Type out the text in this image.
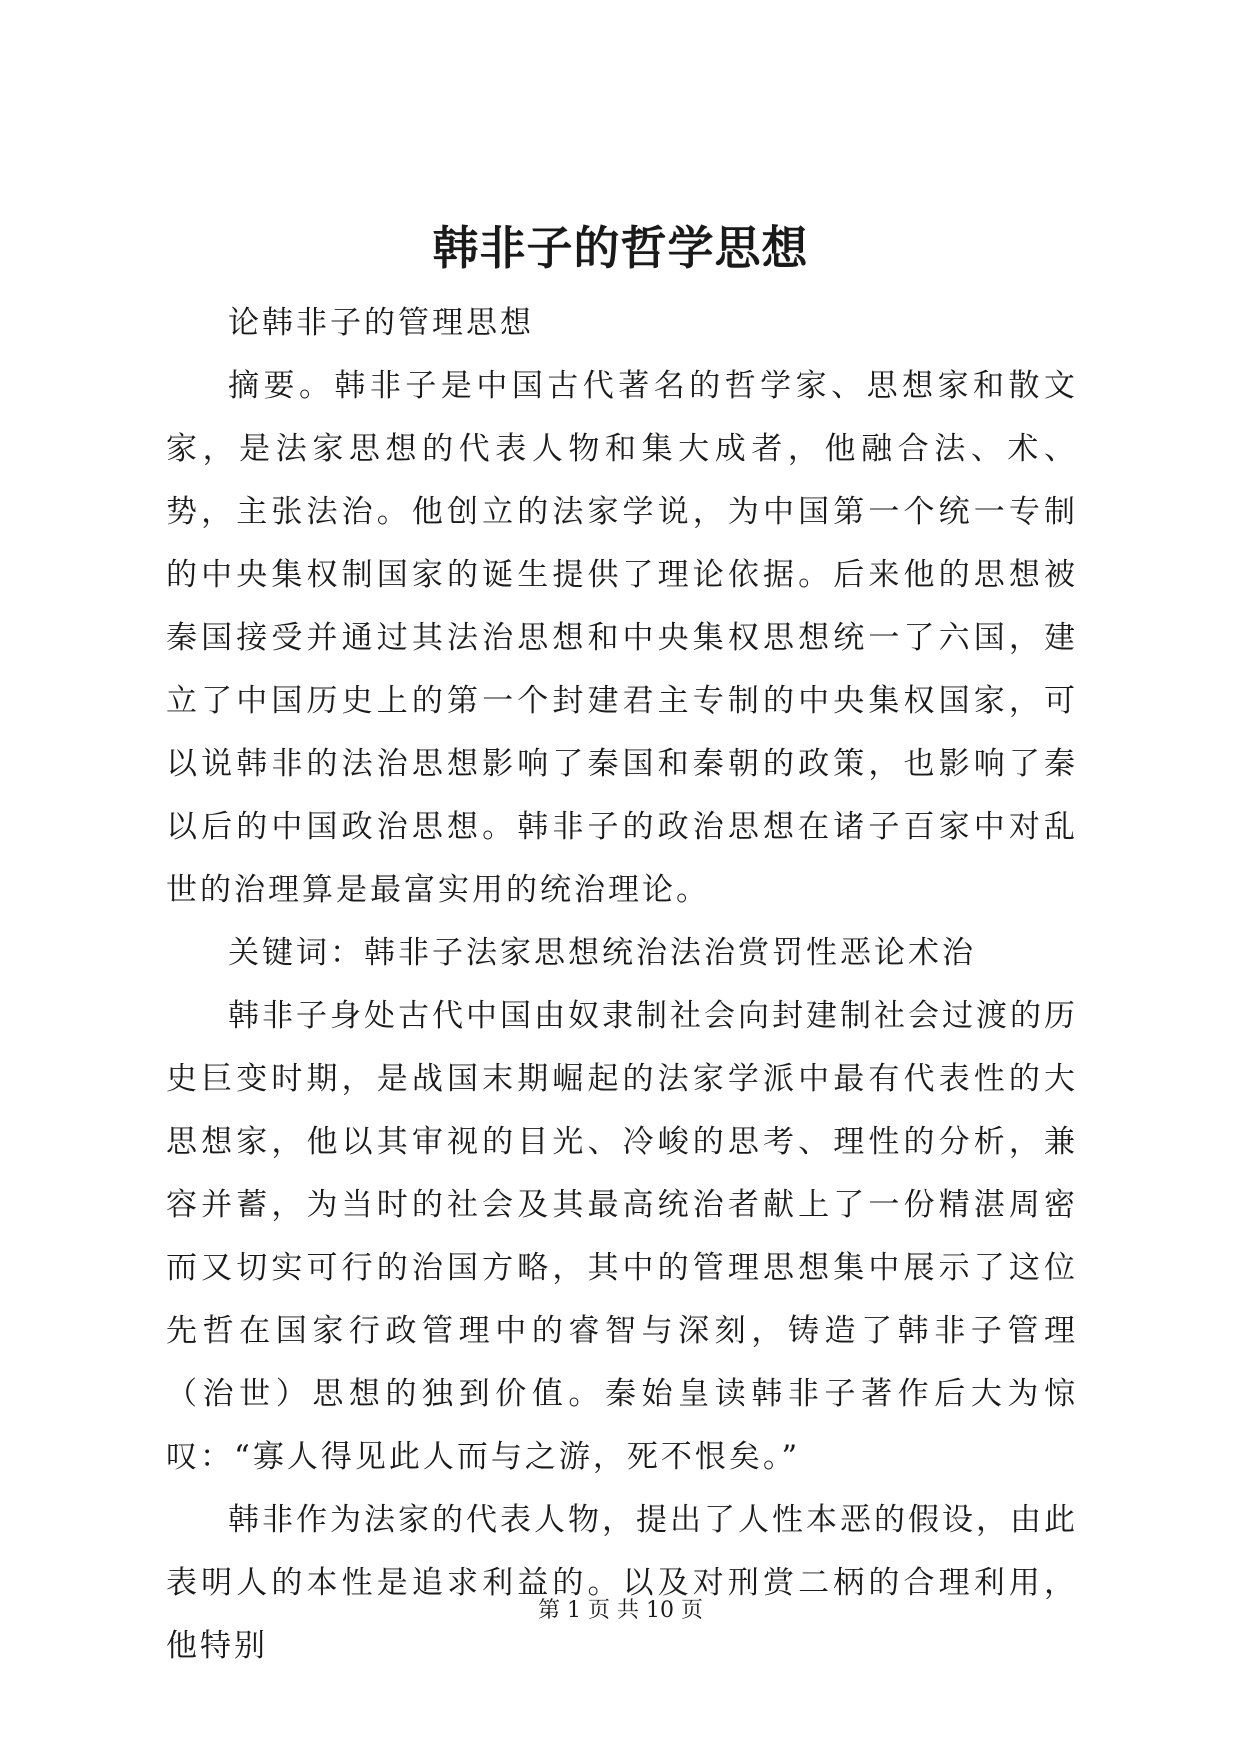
韩非子的哲学思想

论韩非子的管理思想

摘要。韩非子是中国古代著名的哲学家、思想家和散文家，是法家思想的代表人物和集大成者，他融合法、术、势，主张法治。他创立的法家学说，为中国第一个统一专制的中央集权制国家的诞生提供了理论依据。后来他的思想被秦国接受并通过其法治思想和中央集权思想统一了六国，建立了中国历史上的第一个封建君主专制的中央集权国家，可以说韩非的法治思想影响了秦国和秦朝的政策，也影响了秦以后的中国政治思想。韩非子的政治思想在诸子百家中对乱世的治理算是最富实用的统治理论。

关键词：韩非子法家思想统治法治赏罚性恶论术治

韩非子身处古代中国由奴隶制社会向封建制社会过渡的历史巨变时期，是战国末期崛起的法家学派中最有代表性的大思想家，他以其审视的目光、冷峻的思考、理性的分析，兼容并蓄，为当时的社会及其最高统治者献上了一份精湛周密而又切实可行的治国方略，其中的管理思想集中展示了这位先哲在国家行政管理中的睿智与深刻，铸造了韩非子管理（治世）思想的独到价值。秦始皇读韩非子著作后大为惊叹：“寡人得见此人而与之游，死不恨矣。”

韩非作为法家的代表人物，提出了人性本恶的假设，由此表明人的本性是追求利益的。以及对刑赏二柄的合理利用，他特别

第 1 页 共 10 页
